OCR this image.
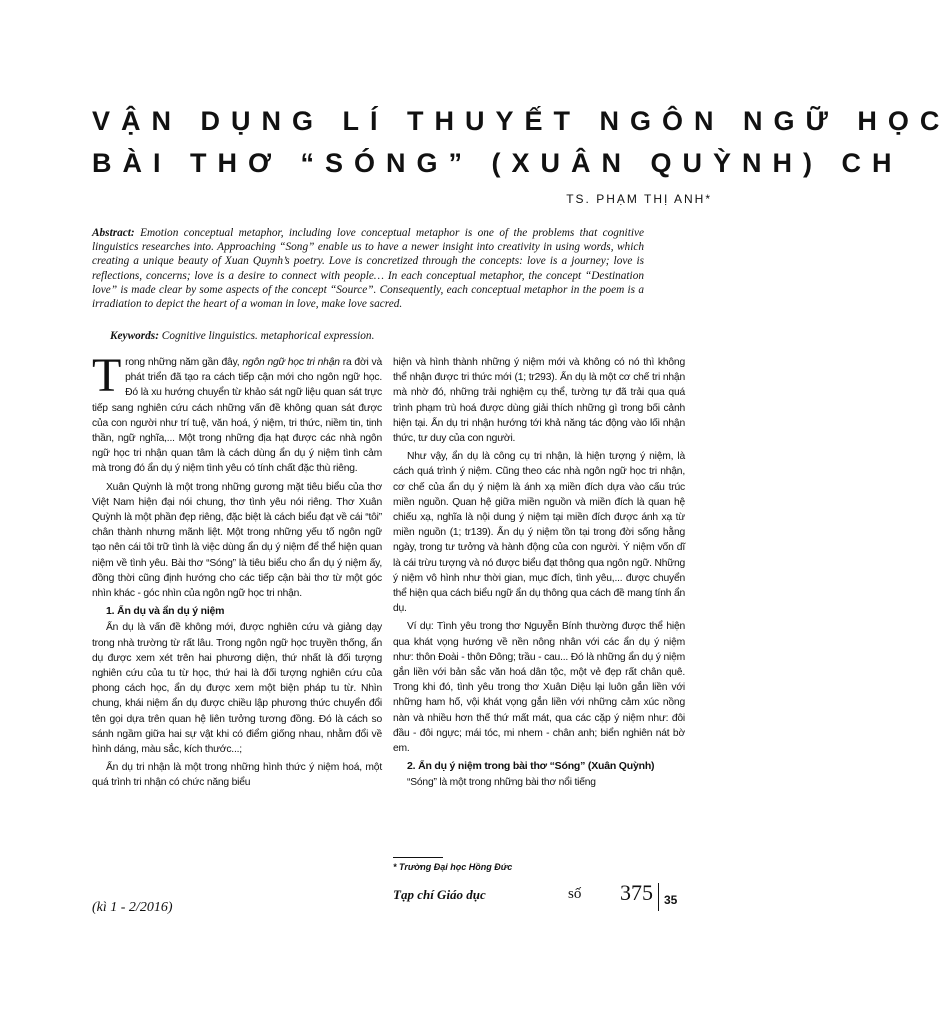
VẬN DỤNG LÍ THUYẾT NGÔN NGỮ HỌC
BÀI THƠ “SÓNG” (XUÂN QUỲNH) CH
TS. PHẠM THỊ ANH*
Abstract: Emotion conceptual metaphor, including love conceptual metaphor is one of the problems that cognitive linguistics researches into. Approaching “Song” enable us to have a newer insight into creativity in using words, which creating a unique beauty of Xuan Quynh’s poetry. Love is concretized through the concepts: love is a journey; love is reflections, concerns; love is a desire to connect with people… In each conceptual metaphor, the concept “Destination love” is made clear by some aspects of the concept “Source”. Consequently, each conceptual metaphor in the poem is a irradiation to depict the heart of a woman in love, make love sacred.
Keywords: Cognitive linguistics. metaphorical expression.

Trong những năm gần đây, ngôn ngữ học tri nhận ra đời và phát triển đã tạo ra cách tiếp cận mới cho ngôn ngữ học. Đó là xu hướng chuyển từ khảo sát ngữ liệu quan sát trực tiếp sang nghiên cứu cách những vấn đề không quan sát được của con người như trí tuệ, văn hoá, ý niệm, tri thức, niềm tin, tinh thần, ngữ nghĩa,... Một trong những địa hạt được các nhà ngôn ngữ học tri nhận quan tâm là cách dùng ẩn dụ ý niệm tình cảm mà trong đó ẩn dụ ý niệm tình yêu có tính chất đặc thù riêng.

Xuân Quỳnh là một trong những gương mặt tiêu biểu của thơ Việt Nam hiện đại nói chung, thơ tình yêu nói riêng. Thơ Xuân Quỳnh là một phần đẹp riêng, đặc biệt là cách biểu đạt về cái “tôi” chân thành nhưng mãnh liệt. Một trong những yếu tố ngôn ngữ tạo nên cái tôi trữ tình là việc dùng ẩn dụ ý niệm để thể hiện quan niệm về tình yêu. Bài thơ “Sóng” là tiêu biểu cho ẩn dụ ý niệm ấy, đồng thời cũng định hướng cho các tiếp cận bài thơ từ một góc nhìn khác - góc nhìn của ngôn ngữ học tri nhận.

1. Ẩn dụ và ẩn dụ ý niệm

Ẩn dụ là vấn đề không mới, được nghiên cứu và giảng dạy trong nhà trường từ rất lâu. Trong ngôn ngữ học truyền thống, ẩn dụ được xem xét trên hai phương diện, thứ nhất là đối tượng nghiên cứu của tu từ học, thứ hai là đối tượng nghiên cứu của phong cách học, ẩn dụ được xem một biện pháp tu từ. Nhìn chung, khái niệm ẩn dụ được chiều lập phương thức chuyển đổi tên gọi dựa trên quan hệ liên tưởng tương đồng. Đó là cách so sánh ngầm giữa hai sự vật khi có điểm giống nhau, nhằm đổi về hình dáng, màu sắc, kích thước...;

Ẩn dụ tri nhận là một trong những hình thức ý niệm hoá, một quá trình tri nhận có chức năng biểu

hiện và hình thành những ý niệm mới và không có nó thì không thể nhận được tri thức mới (1; tr293). Ẩn dụ là một cơ chế tri nhận mà nhờ đó, những trải nghiệm cụ thể, tường tự đã trải qua quá trình phạm trù hoá được dùng giải thích những gì trong bối cảnh hiện tại. Ẩn dụ tri nhận hướng tới khả năng tác động vào lối nhận thức, tư duy của con người.

Như vậy, ẩn dụ là công cụ tri nhận, là hiện tượng ý niệm, là cách quá trình ý niệm. Cũng theo các nhà ngôn ngữ học tri nhận, cơ chế của ẩn dụ ý niệm là ánh xạ miền đích dựa vào cấu trúc miền nguồn. Quan hệ giữa miền nguồn và miền đích là quan hệ chiếu xạ, nghĩa là nội dung ý niệm tại miền đích được ánh xạ từ miền nguồn (1; tr139). Ẩn dụ ý niệm tồn tại trong đời sống hằng ngày, trong tư tưởng và hành động của con người. Ý niệm vốn dĩ là cái trừu tượng và nó được biểu đạt thông qua ngôn ngữ. Những ý niệm vô hình như thời gian, mục đích, tình yêu,... được chuyển thể hiện qua cách biểu ngữ ẩn dụ thông qua cách đề mang tính ẩn dụ.

Ví dụ: Tình yêu trong thơ Nguyễn Bính thường được thể hiện qua khát vọng hướng về nền nông nhân với các ẩn dụ ý niệm như: thôn Đoài - thôn Đông; trầu - cau... Đó là những ẩn dụ ý niệm gắn liền với bản sắc văn hoá dân tộc, một vẻ đẹp rất chân quê. Trong khi đó, tình yêu trong thơ Xuân Diệu lại luôn gắn liền với những ham hố, vội khát vọng gắn liền với những cảm xúc nồng nàn và nhiều hơn thế thứ mất mát, qua các cặp ý niệm như: đôi đầu - đôi ngực; mái tóc, mi nhem - chân anh; biển nghiên nát bờ em.

2. Ẩn dụ ý niệm trong bài thơ “Sóng” (Xuân Quỳnh)

“Sóng” là một trong những bài thơ nổi tiếng

* Trường Đại học Hồng Đức
Tạp chí Giáo dục	số 375 35
(kì 1 - 2/2016)
